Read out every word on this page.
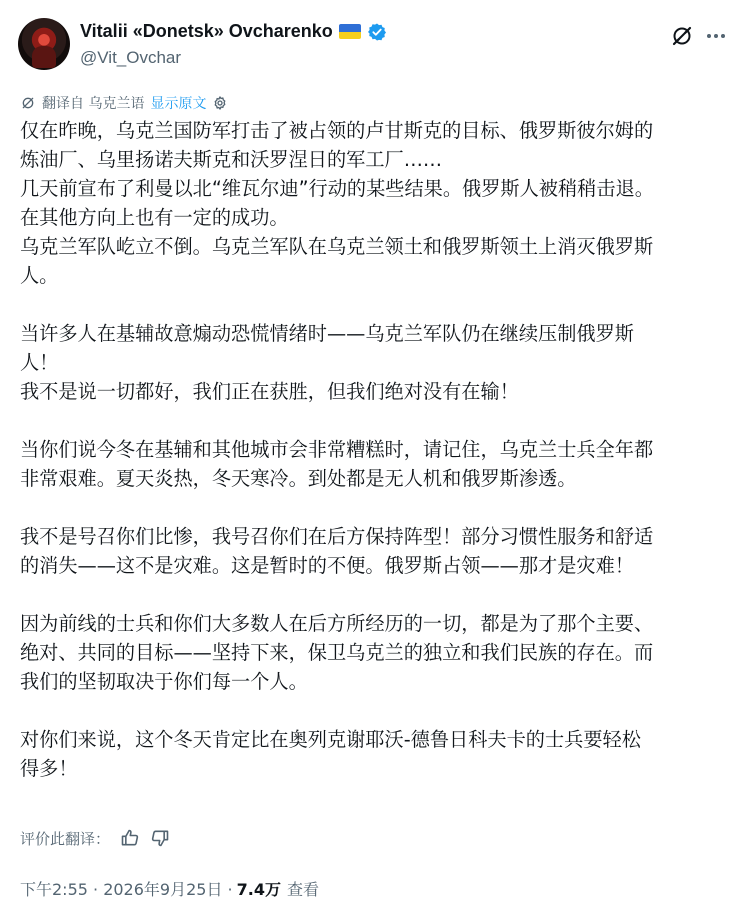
Vitalii «Donetsk» Ovcharenko
@Vit_Ovchar
翻译自 乌克兰语 显示原文
仅在昨晚，乌克兰国防军打击了被占领的卢甘斯克的目标、俄罗斯彼尔姆的
炼油厂、乌里扬诺夫斯克和沃罗涅日的军工厂……
几天前宣布了利曼以北“维瓦尔迪”行动的某些结果。俄罗斯人被稍稍击退。
在其他方向上也有一定的成功。
乌克兰军队屹立不倒。乌克兰军队在乌克兰领土和俄罗斯领土上消灭俄罗斯
人。
当许多人在基辅故意煽动恐慌情绪时——乌克兰军队仍在继续压制俄罗斯
人！
我不是说一切都好，我们正在获胜，但我们绝对没有在输！
当你们说今冬在基辅和其他城市会非常糟糕时，请记住，乌克兰士兵全年都
非常艰难。夏天炎热，冬天寒冷。到处都是无人机和俄罗斯渗透。
我不是号召你们比惨，我号召你们在后方保持阵型！部分习惯性服务和舒适
的消失——这不是灾难。这是暂时的不便。俄罗斯占领——那才是灾难！
因为前线的士兵和你们大多数人在后方所经历的一切，都是为了那个主要、
绝对、共同的目标——坚持下来，保卫乌克兰的独立和我们民族的存在。而
我们的坚韧取决于你们每一个人。
对你们来说，这个冬天肯定比在奥列克谢耶沃-德鲁日科夫卡的士兵要轻松
得多！
评价此翻译：
下午2:55 · 2026年9月25日 · 7.4万 查看
